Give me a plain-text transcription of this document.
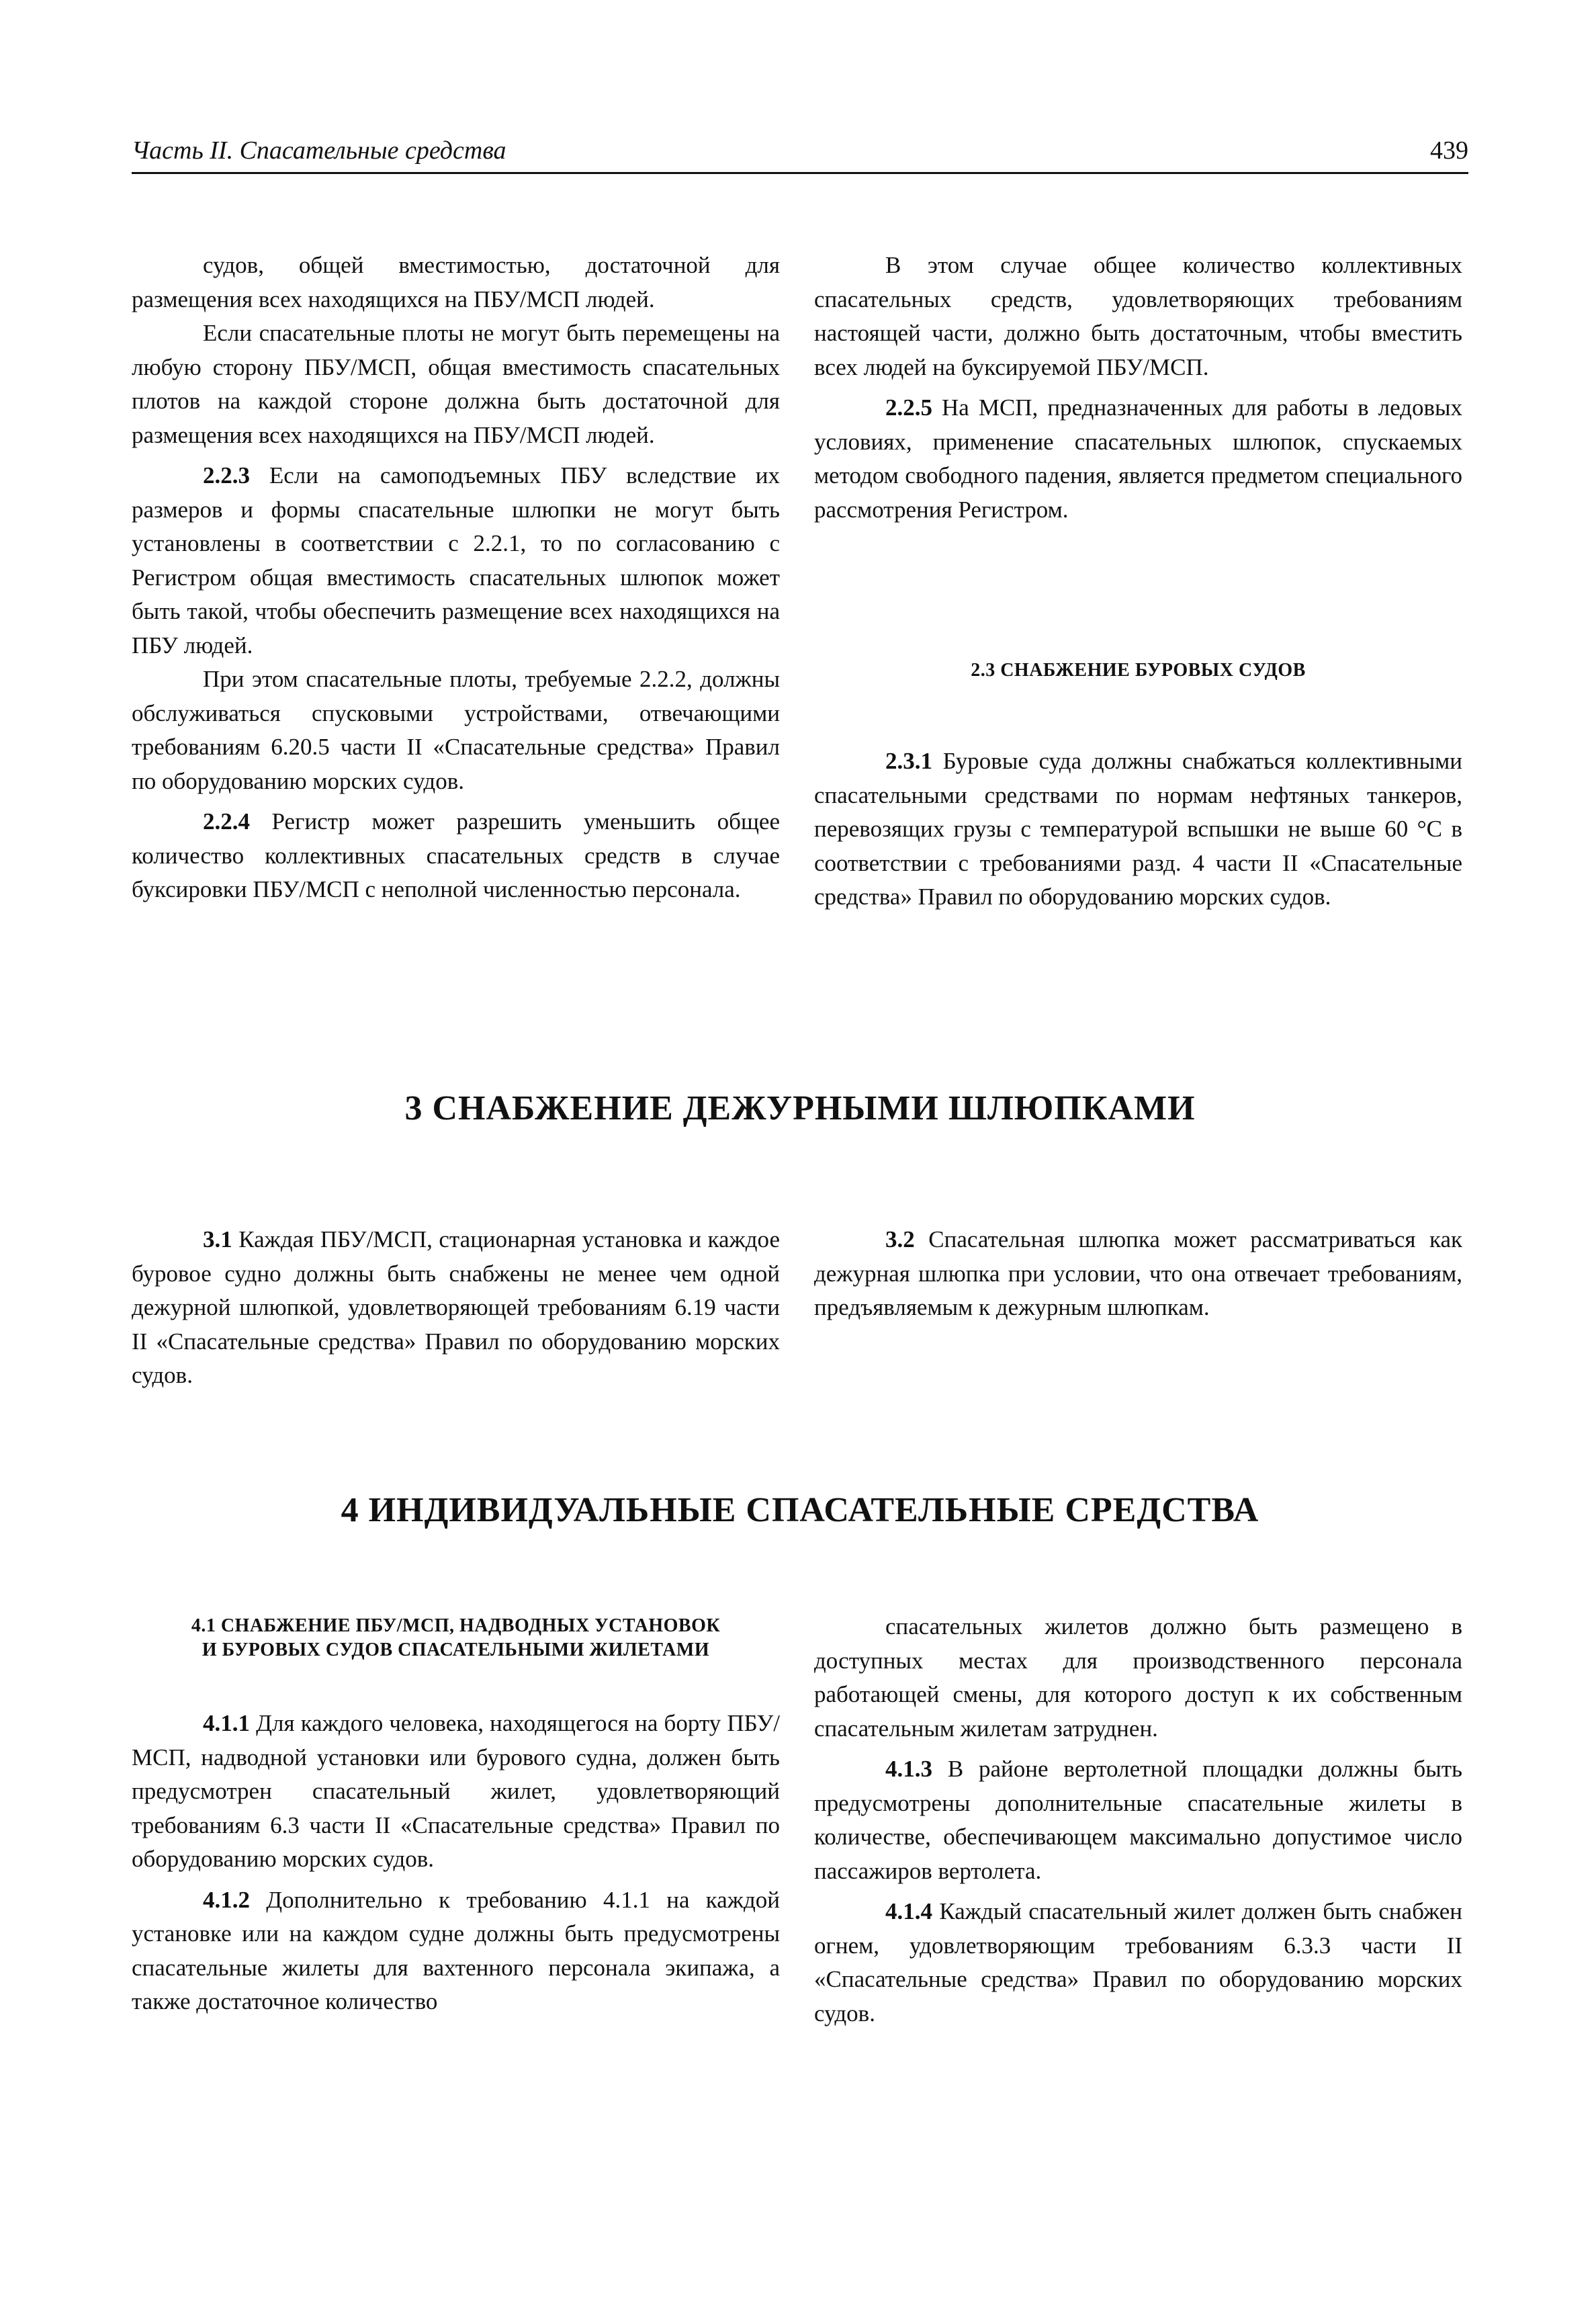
Часть II. Спасательные средства	439

судов, общей вместимостью, достаточной для размещения всех находящихся на ПБУ/МСП людей.

Если спасательные плоты не могут быть перемещены на любую сторону ПБУ/МСП, общая вместимость спасательных плотов на каждой стороне должна быть достаточной для размещения всех находящихся на ПБУ/МСП людей.

2.2.3 Если на самоподъемных ПБУ вследствие их размеров и формы спасательные шлюпки не могут быть установлены в соответствии с 2.2.1, то по согласованию с Регистром общая вместимость спасательных шлюпок может быть такой, чтобы обеспечить размещение всех находящихся на ПБУ людей.

При этом спасательные плоты, требуемые 2.2.2, должны обслуживаться спусковыми устройствами, отвечающими требованиям 6.20.5 части II «Спасательные средства» Правил по оборудованию морских судов.

2.2.4 Регистр может разрешить уменьшить общее количество коллективных спасательных средств в случае буксировки ПБУ/МСП с неполной численностью персонала.

В этом случае общее количество коллективных спасательных средств, удовлетворяющих требованиям настоящей части, должно быть достаточным, чтобы вместить всех людей на буксируемой ПБУ/МСП.

2.2.5 На МСП, предназначенных для работы в ледовых условиях, применение спасательных шлюпок, спускаемых методом свободного падения, является предметом специального рассмотрения Регистром.

2.3 СНАБЖЕНИЕ БУРОВЫХ СУДОВ

2.3.1 Буровые суда должны снабжаться коллективными спасательными средствами по нормам нефтяных танкеров, перевозящих грузы с температурой вспышки не выше 60 °С в соответствии с требованиями разд. 4 части II «Спасательные средства» Правил по оборудованию морских судов.

3 СНАБЖЕНИЕ ДЕЖУРНЫМИ ШЛЮПКАМИ

3.1 Каждая ПБУ/МСП, стационарная установка и каждое буровое судно должны быть снабжены не менее чем одной дежурной шлюпкой, удовлетворяющей требованиям 6.19 части II «Спасательные средства» Правил по оборудованию морских судов.

3.2 Спасательная шлюпка может рассматриваться как дежурная шлюпка при условии, что она отвечает требованиям, предъявляемым к дежурным шлюпкам.

4 ИНДИВИДУАЛЬНЫЕ СПАСАТЕЛЬНЫЕ СРЕДСТВА
4.1 СНАБЖЕНИЕ ПБУ/МСП, НАДВОДНЫХ УСТАНОВОК
И БУРОВЫХ СУДОВ СПАСАТЕЛЬНЫМИ ЖИЛЕТАМИ

4.1.1 Для каждого человека, находящегося на борту ПБУ/МСП, надводной установки или бурового судна, должен быть предусмотрен спасательный жилет, удовлетворяющий требованиям 6.3 части II «Спасательные средства» Правил по оборудованию морских судов.

4.1.2 Дополнительно к требованию 4.1.1 на каждой установке или на каждом судне должны быть предусмотрены спасательные жилеты для вахтенного персонала экипажа, а также достаточное количество

спасательных жилетов должно быть размещено в доступных местах для производственного персонала работающей смены, для которого доступ к их собственным спасательным жилетам затруднен.

4.1.3 В районе вертолетной площадки должны быть предусмотрены дополнительные спасательные жилеты в количестве, обеспечивающем максимально допустимое число пассажиров вертолета.

4.1.4 Каждый спасательный жилет должен быть снабжен огнем, удовлетворяющим требованиям 6.3.3 части II «Спасательные средства» Правил по оборудованию морских судов.
